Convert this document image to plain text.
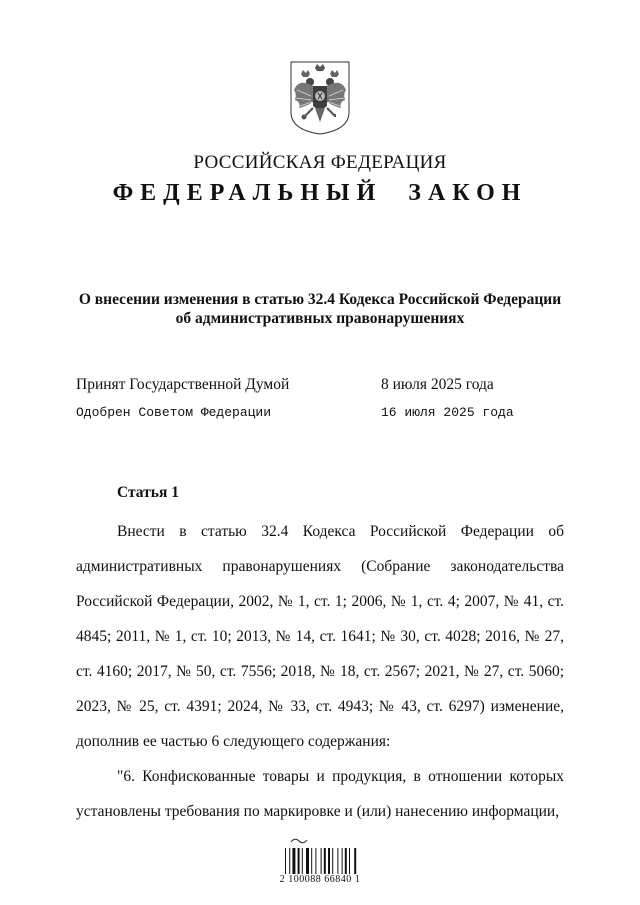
РОССИЙСКАЯ ФЕДЕРАЦИЯ
ФЕДЕРАЛЬНЫЙ  ЗАКОН
О внесении изменения в статью 32.4 Кодекса Российской Федерации
об административных правонарушениях
Принят Государственной Думой	8 июля 2025 года
Одобрен Советом Федерации	16 июля 2025 года
Статья 1

Внести в статью 32.4 Кодекса Российской Федерации об административных правонарушениях (Собрание законодательства Российской Федерации, 2002, № 1, ст. 1; 2006, № 1, ст. 4; 2007, № 41, ст. 4845; 2011, № 1, ст. 10; 2013, № 14, ст. 1641; № 30, ст. 4028; 2016, № 27, ст. 4160; 2017, № 50, ст. 7556; 2018, № 18, ст. 2567; 2021, № 27, ст. 5060; 2023, № 25, ст. 4391; 2024, № 33, ст. 4943; № 43, ст. 6297) изменение, дополнив ее частью 6 следующего содержания:

"6. Конфискованные товары и продукция, в отношении которых установлены требования по маркировке и (или) нанесению информации,

2 100088 66840 1
